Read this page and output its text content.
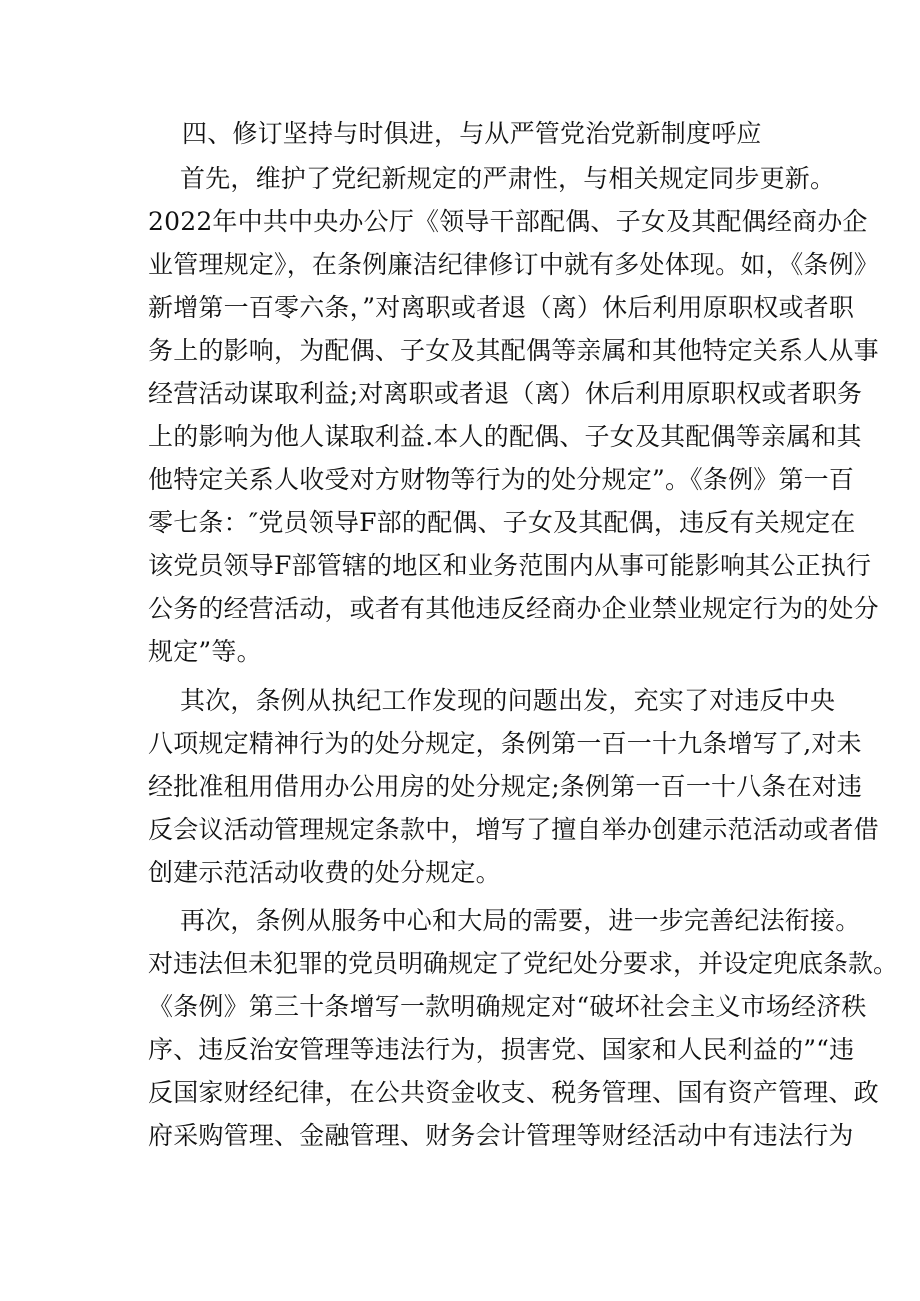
四、修订坚持与时俱进，与从严管党治党新制度呼应
首先，维护了党纪新规定的严肃性，与相关规定同步更新。
2022年中共中央办公厅《领导干部配偶、子女及其配偶经商办企
业管理规定》，在条例廉洁纪律修订中就有多处体现。如，《条例》
新增第一百零六条，”对离职或者退（离）休后利用原职权或者职
务上的影响，为配偶、子女及其配偶等亲属和其他特定关系人从事
经营活动谋取利益;对离职或者退（离）休后利用原职权或者职务
上的影响为他人谋取利益.本人的配偶、子女及其配偶等亲属和其
他特定关系人收受对方财物等行为的处分规定”。《条例》第一百
零七条：″党员领导F部的配偶、子女及其配偶，违反有关规定在
该党员领导F部管辖的地区和业务范围内从事可能影响其公正执行
公务的经营活动，或者有其他违反经商办企业禁业规定行为的处分
规定”等。
其次，条例从执纪工作发现的问题出发，充实了对违反中央
八项规定精神行为的处分规定，条例第一百一十九条增写了,对未
经批准租用借用办公用房的处分规定;条例第一百一十八条在对违
反会议活动管理规定条款中，增写了擅自举办创建示范活动或者借
创建示范活动收费的处分规定。
再次，条例从服务中心和大局的需要，进一步完善纪法衔接。
对违法但未犯罪的党员明确规定了党纪处分要求，并设定兜底条款。
《条例》第三十条增写一款明确规定对“破坏社会主义市场经济秩
序、违反治安管理等违法行为，损害党、国家和人民利益的”“违
反国家财经纪律，在公共资金收支、税务管理、国有资产管理、政
府采购管理、金融管理、财务会计管理等财经活动中有违法行为
